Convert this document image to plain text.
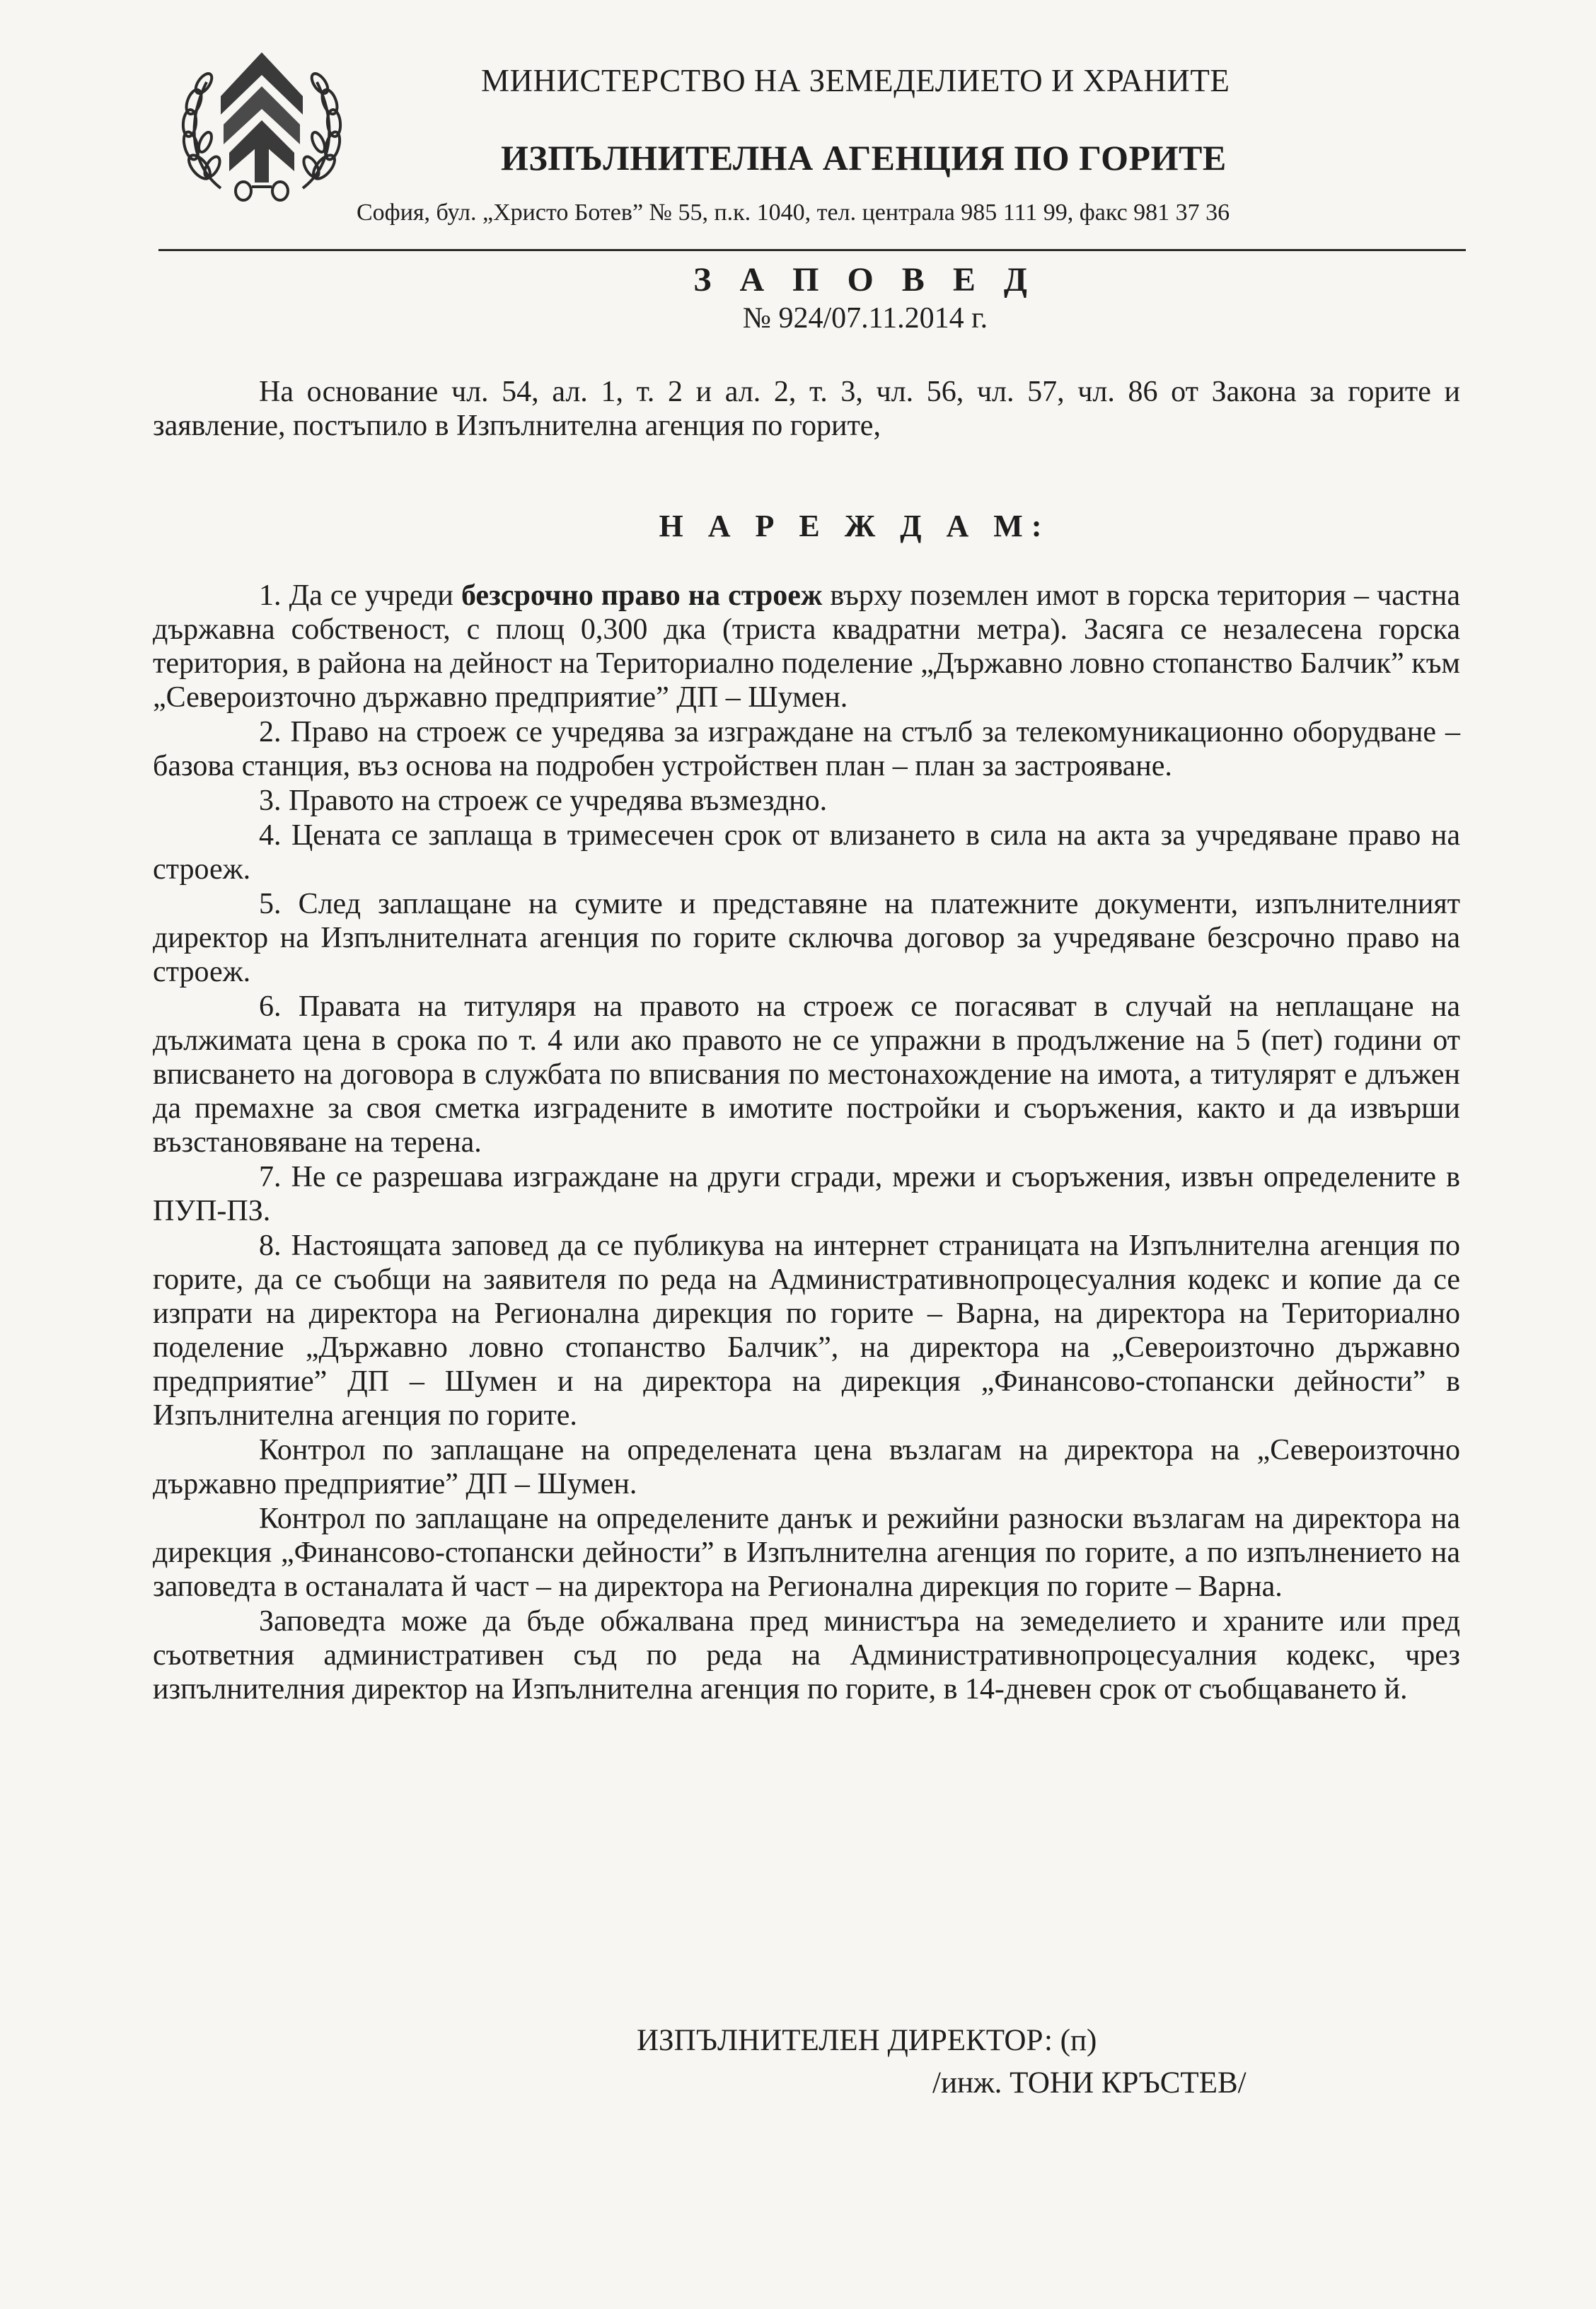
МИНИСТЕРСТВО НА ЗЕМЕДЕЛИЕТО И ХРАНИТЕ
ИЗПЪЛНИТЕЛНА АГЕНЦИЯ ПО ГОРИТЕ
София, бул. „Христо Ботев” № 55, п.к. 1040, тел. централа 985 111 99, факс 981 37 36
З А П О В Е Д
№ 924/07.11.2014 г.

На основание чл. 54, ал. 1, т. 2 и ал. 2, т. 3, чл. 56, чл. 57, чл. 86 от Закона за горите и заявление, постъпило в Изпълнителна агенция по горите,

Н А Р Е Ж Д А М:

1. Да се учреди безсрочно право на строеж върху поземлен имот в горска територия – частна държавна собственост, с площ 0,300 дка (триста квадратни метра). Засяга се незалесена горска територия, в района на дейност на Териториално поделение „Държавно ловно стопанство Балчик” към „Североизточно държавно предприятие” ДП – Шумен.

2. Право на строеж се учредява за изграждане на стълб за телекомуникационно оборудване – базова станция, въз основа на подробен устройствен план – план за застрояване.

3. Правото на строеж се учредява възмездно.

4. Цената се заплаща в тримесечен срок от влизането в сила на акта за учредяване право на строеж.

5. След заплащане на сумите и представяне на платежните документи, изпълнителният директор на Изпълнителната агенция по горите сключва договор за учредяване безсрочно право на строеж.

6. Правата на титуляря на правото на строеж се погасяват в случай на неплащане на дължимата цена в срока по т. 4 или ако правото не се упражни в продължение на 5 (пет) години от вписването на договора в службата по вписвания по местонахождение на имота, а титулярят е длъжен да премахне за своя сметка изградените в имотите постройки и съоръжения, както и да извърши възстановяване на терена.

7. Не се разрешава изграждане на други сгради, мрежи и съоръжения, извън определените в ПУП-ПЗ.

8. Настоящата заповед да се публикува на интернет страницата на Изпълнителна агенция по горите, да се съобщи на заявителя по реда на Административнопроцесуалния кодекс и копие да се изпрати на директора на Регионална дирекция по горите – Варна, на директора на Териториално поделение „Държавно ловно стопанство Балчик”, на директора на „Североизточно държавно предприятие” ДП – Шумен и на директора на дирекция „Финансово-стопански дейности” в Изпълнителна агенция по горите.

Контрол по заплащане на определената цена възлагам на директора на „Североизточно държавно предприятие” ДП – Шумен.

Контрол по заплащане на определените данък и режийни разноски възлагам на директора на дирекция „Финансово-стопански дейности” в Изпълнителна агенция по горите, а по изпълнението на заповедта в останалата й част – на директора на Регионална дирекция по горите – Варна.

Заповедта може да бъде обжалвана пред министъра на земеделието и храните или пред съответния административен съд по реда на Административнопроцесуалния кодекс, чрез изпълнителния директор на Изпълнителна агенция по горите, в 14-дневен срок от съобщаването й.

ИЗПЪЛНИТЕЛЕН ДИРЕКТОР: (п)
/инж. ТОНИ КРЪСТЕВ/
